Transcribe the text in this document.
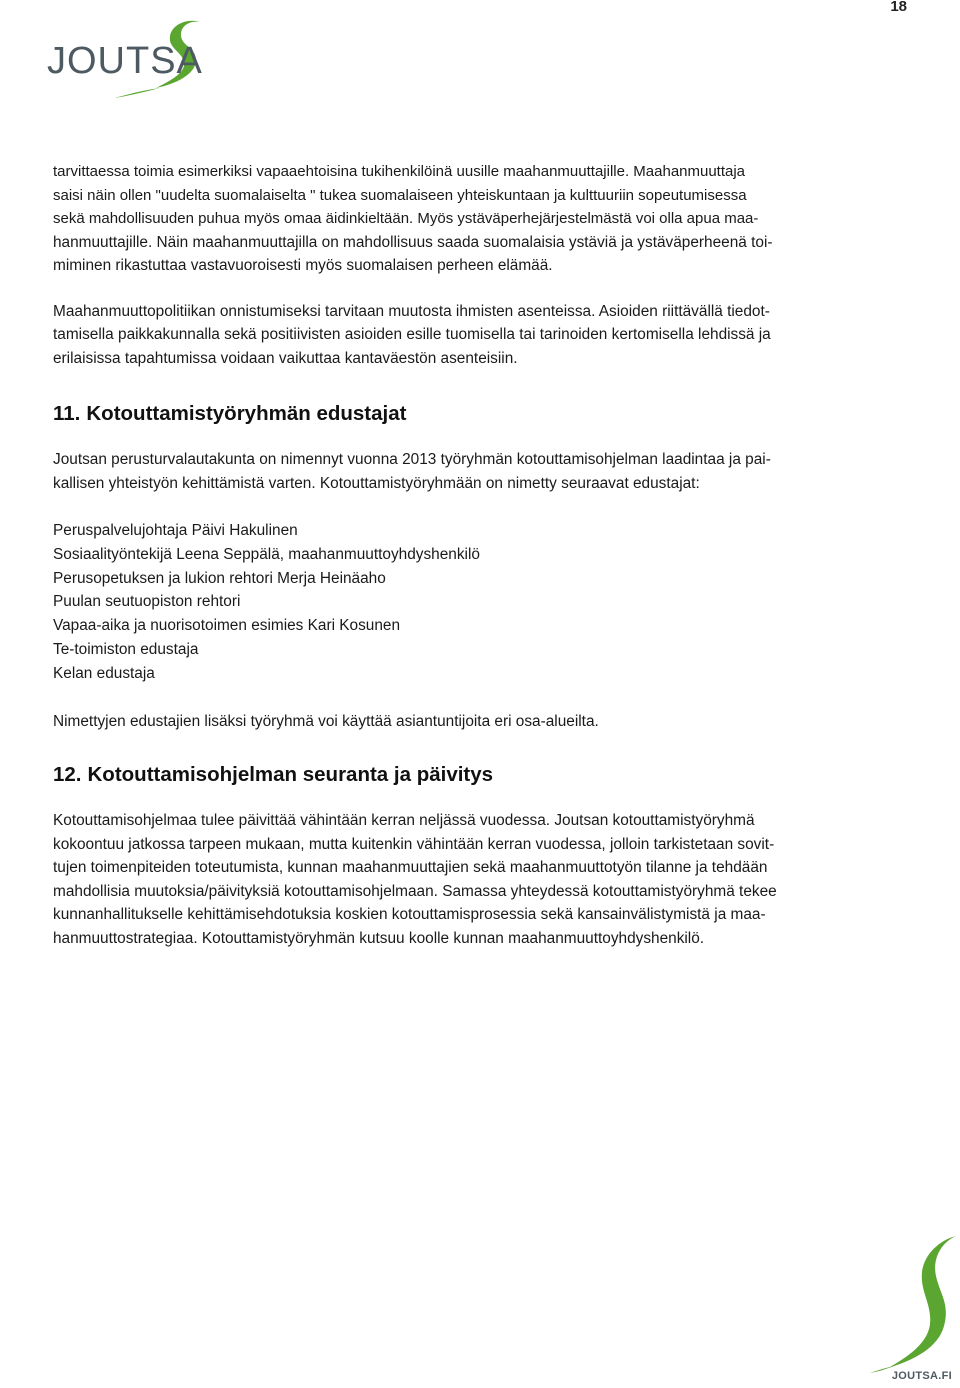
18
JOUTSA

tarvittaessa toimia esimerkiksi vapaaehtoisina tukihenkilöinä uusille maahanmuuttajille. Maahanmuuttaja

saisi näin ollen "uudelta suomalaiselta " tukea suomalaiseen yhteiskuntaan ja kulttuuriin sopeutumisessa

sekä mahdollisuuden puhua myös omaa äidinkieltään. Myös ystäväperhejärjestelmästä voi olla apua maa-

hanmuuttajille. Näin maahanmuuttajilla on mahdollisuus saada suomalaisia ystäviä ja ystäväperheenä toi-

miminen rikastuttaa vastavuoroisesti myös suomalaisen perheen elämää.

Maahanmuuttopolitiikan onnistumiseksi tarvitaan muutosta ihmisten asenteissa. Asioiden riittävällä tiedot-

tamisella paikkakunnalla sekä positiivisten asioiden esille tuomisella tai tarinoiden kertomisella lehdissä ja

erilaisissa tapahtumissa voidaan vaikuttaa kantaväestön asenteisiin.

11. Kotouttamistyöryhmän edustajat

Joutsan perusturvalautakunta on nimennyt vuonna 2013 työryhmän kotouttamisohjelman laadintaa ja pai-

kallisen yhteistyön kehittämistä varten. Kotouttamistyöryhmään on nimetty seuraavat edustajat:

Peruspalvelujohtaja Päivi Hakulinen

Sosiaalityöntekijä Leena Seppälä, maahanmuuttoyhdyshenkilö

Perusopetuksen ja lukion rehtori Merja Heinäaho

Puulan seutuopiston rehtori

Vapaa-aika ja nuorisotoimen esimies Kari Kosunen

Te-toimiston edustaja

Kelan edustaja

Nimettyjen edustajien lisäksi työryhmä voi käyttää asiantuntijoita eri osa-alueilta.

12. Kotouttamisohjelman seuranta ja päivitys

Kotouttamisohjelmaa tulee päivittää vähintään kerran neljässä vuodessa. Joutsan kotouttamistyöryhmä

kokoontuu jatkossa tarpeen mukaan, mutta kuitenkin vähintään kerran vuodessa, jolloin tarkistetaan sovit-

tujen toimenpiteiden toteutumista, kunnan maahanmuuttajien sekä maahanmuuttotyön tilanne ja tehdään

mahdollisia muutoksia/päivityksiä kotouttamisohjelmaan. Samassa yhteydessä kotouttamistyöryhmä tekee

kunnanhallitukselle kehittämisehdotuksia koskien kotouttamisprosessia sekä kansainvälistymistä ja maa-

hanmuuttostrategiaa. Kotouttamistyöryhmän kutsuu koolle kunnan maahanmuuttoyhdyshenkilö.

JOUTSA.FI
